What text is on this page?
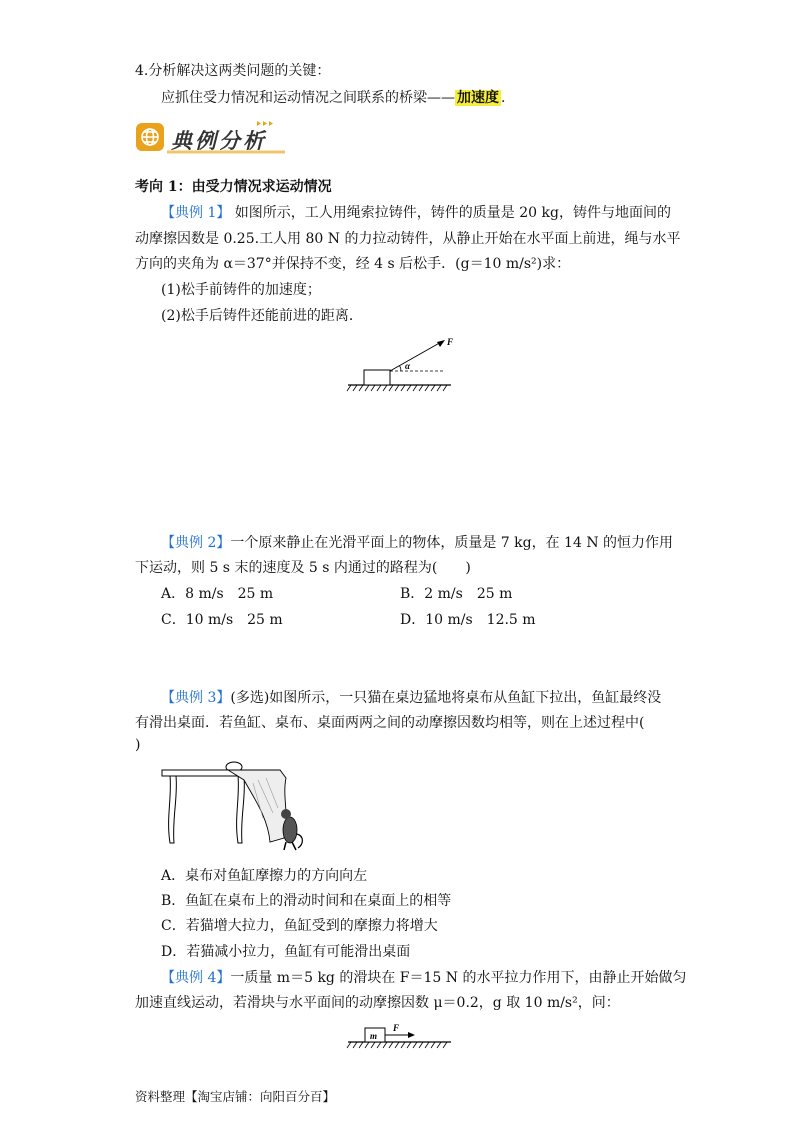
4.分析解决这两类问题的关键：
应抓住受力情况和运动情况之间联系的桥梁—— 加速度 .
典例分析
考向 1：由受力情况求运动情况
【典例 1】 如图所示，工人用绳索拉铸件，铸件的质量是 20 kg，铸件与地面间的
动摩擦因数是 0.25.工人用 80 N 的力拉动铸件，从静止开始在水平面上前进，绳与水平
方向的夹角为 α＝37°并保持不变，经 4 s 后松手．(g＝10 m/s²)求：
(1)松手前铸件的加速度；
(2)松手后铸件还能前进的距离．
α
F
【典例 2】一个原来静止在光滑平面上的物体，质量是 7 kg，在 14 N 的恒力作用
下运动，则 5 s 末的速度及 5 s 内通过的路程为(　　)
A．8 m/s　25 m	B．2 m/s　25 m
C．10 m/s　25 m	D．10 m/s　12.5 m
【典例 3】(多选)如图所示，一只猫在桌边猛地将桌布从鱼缸下拉出，鱼缸最终没
有滑出桌面．若鱼缸、桌布、桌面两两之间的动摩擦因数均相等，则在上述过程中(
)
A．桌布对鱼缸摩擦力的方向向左
B．鱼缸在桌布上的滑动时间和在桌面上的相等
C．若猫增大拉力，鱼缸受到的摩擦力将增大
D．若猫减小拉力，鱼缸有可能滑出桌面
【典例 4】一质量 m＝5 kg 的滑块在 F＝15 N 的水平拉力作用下，由静止开始做匀
加速直线运动，若滑块与水平面间的动摩擦因数 μ＝0.2，g 取 10 m/s²，问：
m
F
资料整理【淘宝店铺：向阳百分百】
